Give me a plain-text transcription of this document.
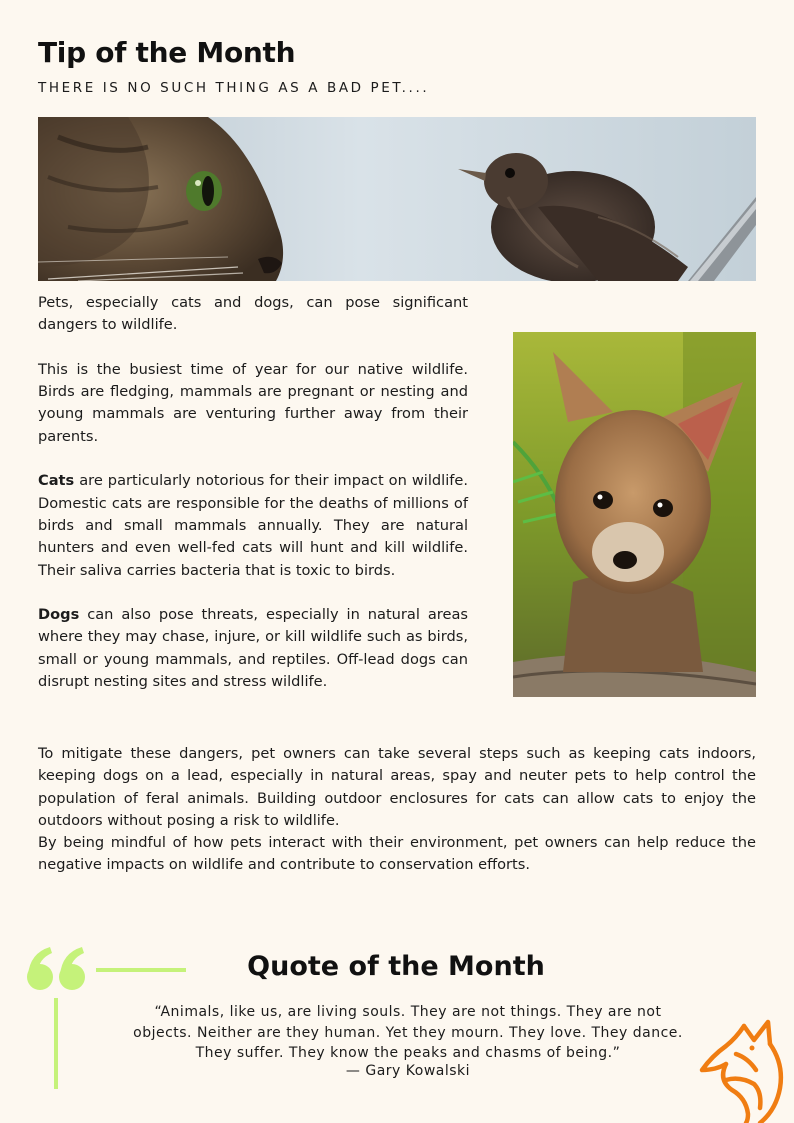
Tip of the Month
THERE IS NO SUCH THING AS A BAD PET....

Pets, especially cats and dogs, can pose significant dangers to wildlife.

This is the busiest time of year for our native wildlife. Birds are fledging, mammals are pregnant or nesting and young mammals are venturing further away from their parents.

Cats are particularly notorious for their impact on wildlife. Domestic cats are responsible for the deaths of millions of birds and small mammals annually. They are natural hunters and even well-fed cats will hunt and kill wildlife. Their saliva carries bacteria that is toxic to birds.

Dogs can also pose threats, especially in natural areas where they may chase, injure, or kill wildlife such as birds, small or young mammals, and reptiles. Off-lead dogs can disrupt nesting sites and stress wildlife.

To mitigate these dangers, pet owners can take several steps such as keeping cats indoors, keeping dogs on a lead, especially in natural areas, spay and neuter pets to help control the population of feral animals. Building outdoor enclosures for cats can allow cats to enjoy the outdoors without posing a risk to wildlife.
By being mindful of how pets interact with their environment, pet owners can help reduce the negative impacts on wildlife and contribute to conservation efforts.
Quote of the Month
“Animals, like us, are living souls. They are not things. They are not objects. Neither are they human. Yet they mourn. They love. They dance. They suffer. They know the peaks and chasms of being.”
— Gary Kowalski
